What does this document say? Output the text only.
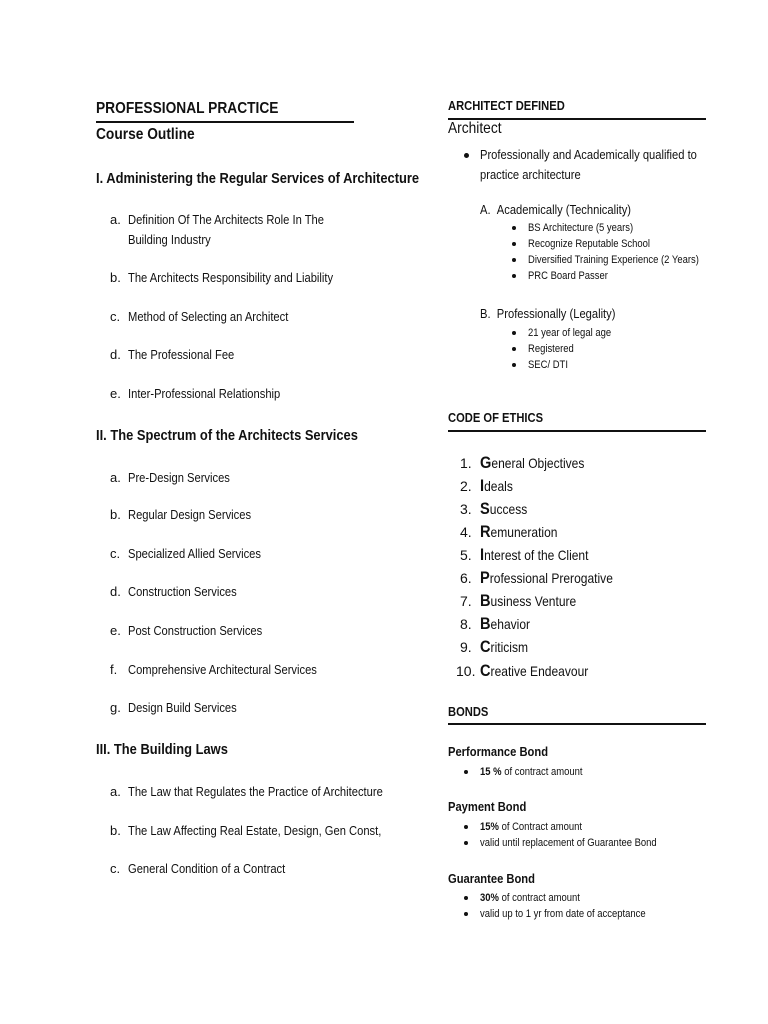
PROFESSIONAL PRACTICE
Course Outline
I. Administering the Regular Services of Architecture
a. Definition Of The Architects Role In The Building Industry
b. The Architects Responsibility and Liability
c. Method of Selecting an Architect
d. The Professional Fee
e. Inter-Professional Relationship
II. The Spectrum of the Architects Services
a. Pre-Design Services
b. Regular Design Services
c. Specialized Allied Services
d. Construction Services
e. Post Construction Services
f. Comprehensive Architectural Services
g. Design Build Services
III. The Building Laws
a. The Law that Regulates the Practice of Architecture
b. The Law Affecting Real Estate, Design, Gen Const,
c. General Condition of a Contract
ARCHITECT DEFINED
Architect
Professionally and Academically qualified to practice architecture
A. Academically (Technicality)
BS Architecture (5 years)
Recognize Reputable School
Diversified Training Experience (2 Years)
PRC Board Passer
B. Professionally (Legality)
21 year of legal age
Registered
SEC/ DTI
CODE OF ETHICS
1. General Objectives
2. Ideals
3. Success
4. Remuneration
5. Interest of the Client
6. Professional Prerogative
7. Business Venture
8. Behavior
9. Criticism
10. Creative Endeavour
BONDS
Performance Bond
15 % of contract amount
Payment Bond
15% of Contract amount
valid until replacement of Guarantee Bond
Guarantee Bond
30% of contract amount
valid up to 1 yr from date of acceptance
